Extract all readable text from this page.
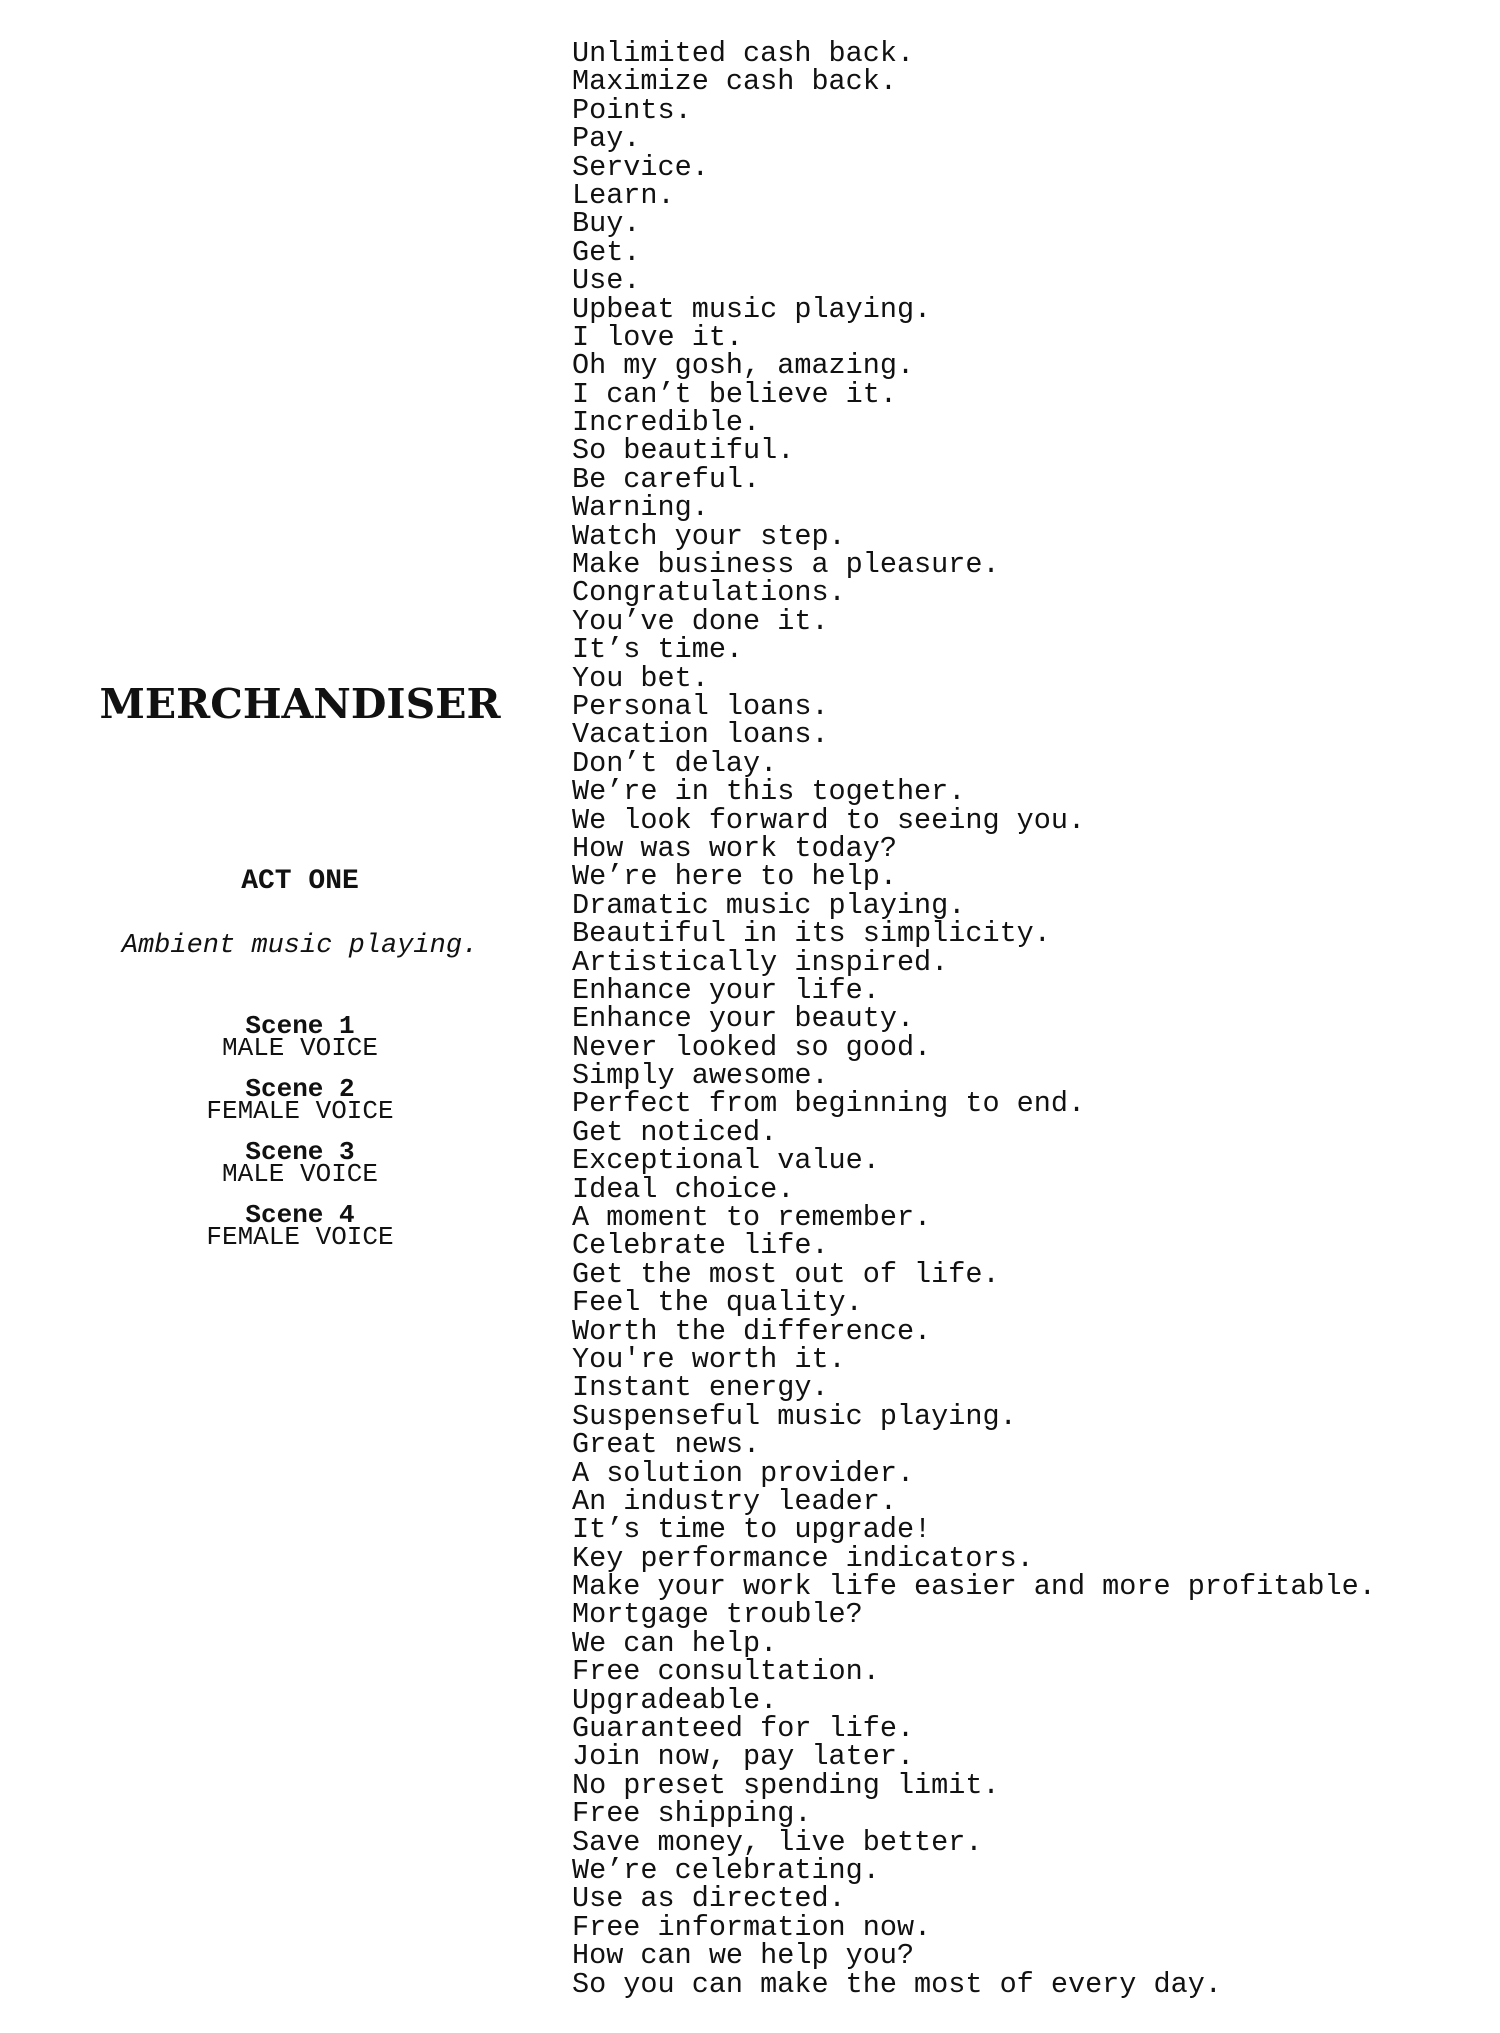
MERCHANDISER
ACT ONE
Ambient music playing.
Scene 1
MALE VOICE
Scene 2
FEMALE VOICE
Scene 3
MALE VOICE
Scene 4
FEMALE VOICE
Unlimited cash back.
Maximize cash back.
Points.
Pay.
Service.
Learn.
Buy.
Get.
Use.
Upbeat music playing.
I love it.
Oh my gosh, amazing.
I can’t believe it.
Incredible.
So beautiful.
Be careful.
Warning.
Watch your step.
Make business a pleasure.
Congratulations.
You’ve done it.
It’s time.
You bet.
Personal loans.
Vacation loans.
Don’t delay.
We’re in this together.
We look forward to seeing you.
How was work today?
We’re here to help.
Dramatic music playing.
Beautiful in its simplicity.
Artistically inspired.
Enhance your life.
Enhance your beauty.
Never looked so good.
Simply awesome.
Perfect from beginning to end.
Get noticed.
Exceptional value.
Ideal choice.
A moment to remember.
Celebrate life.
Get the most out of life.
Feel the quality.
Worth the difference.
You're worth it.
Instant energy.
Suspenseful music playing.
Great news.
A solution provider.
An industry leader.
It’s time to upgrade!
Key performance indicators.
Make your work life easier and more profitable.
Mortgage trouble?
We can help.
Free consultation.
Upgradeable.
Guaranteed for life.
Join now, pay later.
No preset spending limit.
Free shipping.
Save money, live better.
We’re celebrating.
Use as directed.
Free information now.
How can we help you?
So you can make the most of every day.
